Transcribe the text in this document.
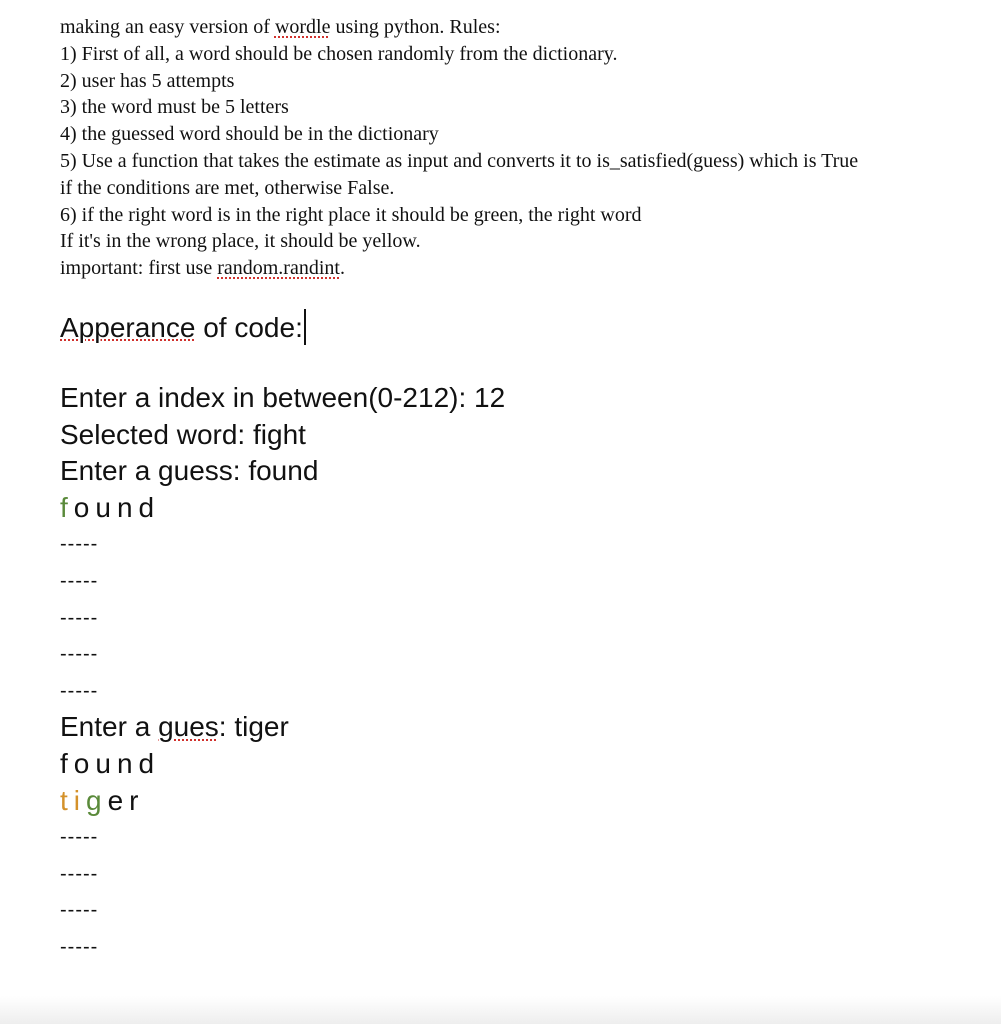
making an easy version of wordle using python. Rules:
1) First of all, a word should be chosen randomly from the dictionary.
2) user has 5 attempts
3) the word must be 5 letters
4) the guessed word should be in the dictionary
5) Use a function that takes the estimate as input and converts it to is_satisfied(guess) which is True
if the conditions are met, otherwise False.
6) if the right word is in the right place it should be green, the right word
If it's in the wrong place, it should be yellow.
important: first use random.randint.
Apperance of code:
Enter a index in between(0-212): 12
Selected word: fight
Enter a guess: found
f o u n d
-----
-----
-----
-----
-----
Enter a gues: tiger
f o u n d
t i g e r
-----
-----
-----
-----
